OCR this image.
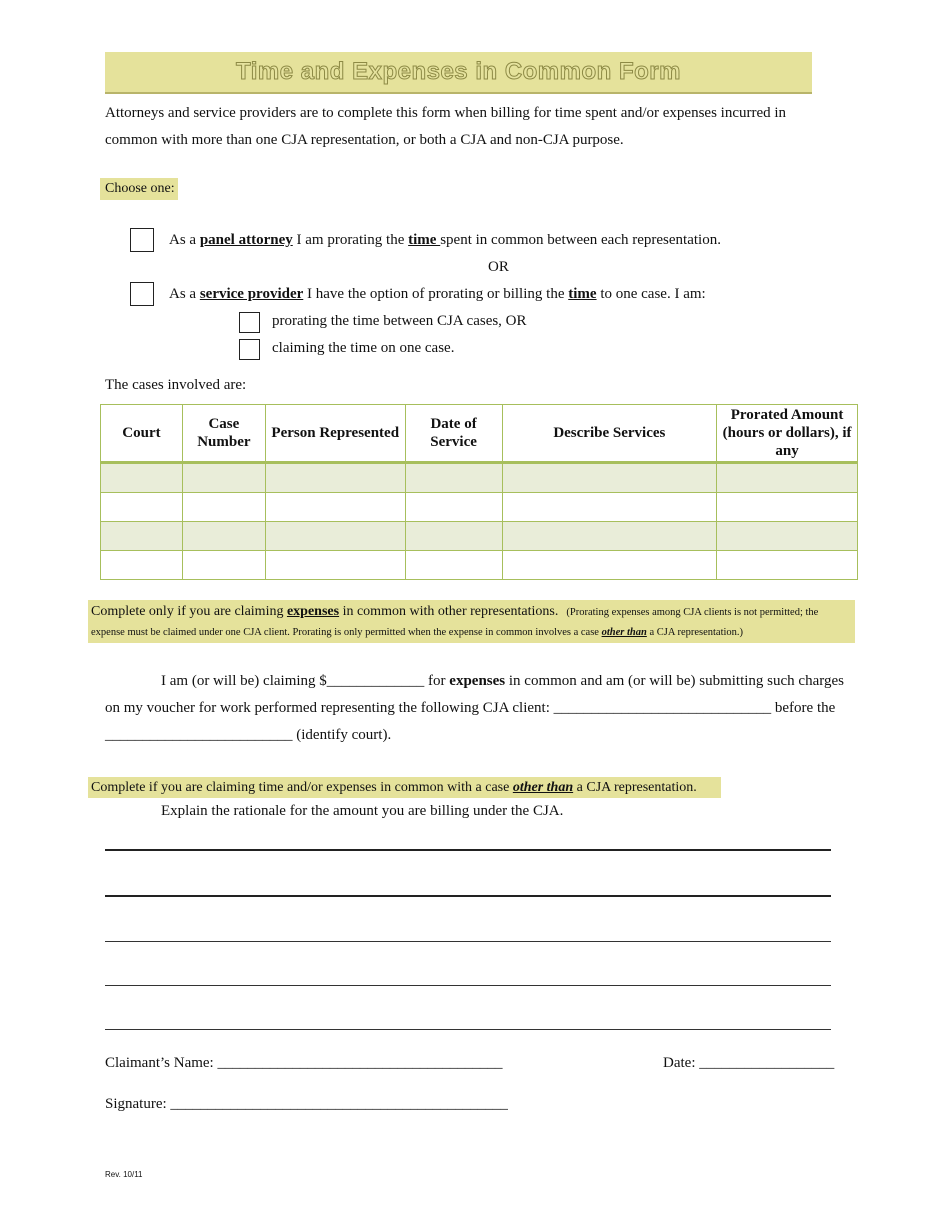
Time and Expenses in Common Form
Attorneys and service providers are to complete this form when billing for time spent and/or expenses incurred in common with more than one CJA representation, or both a CJA and non-CJA purpose.
Choose one:
As a panel attorney I am prorating the time spent in common between each representation.
OR
As a service provider I have the option of prorating or billing the time to one case. I am:
prorating the time between CJA cases, OR
claiming the time on one case.
The cases involved are:
Court	Case Number	Person Represented	Date of Service	Describe Services	Prorated Amount (hours or dollars), if any

Complete only if you are claiming expenses in common with other representations. (Prorating expenses among CJA clients is not permitted; the expense must be claimed under one CJA client. Prorating is only permitted when the expense in common involves a case other than a CJA representation.)
I am (or will be) claiming $_____________ for expenses in common and am (or will be) submitting such charges on my voucher for work performed representing the following CJA client: _____________________________ before the _________________________ (identify court).
Complete if you are claiming time and/or expenses in common with a case other than a CJA representation.
Explain the rationale for the amount you are billing under the CJA.
Claimant’s Name: ______________________________________	Date: __________________
Signature: _____________________________________________
Rev. 10/11
